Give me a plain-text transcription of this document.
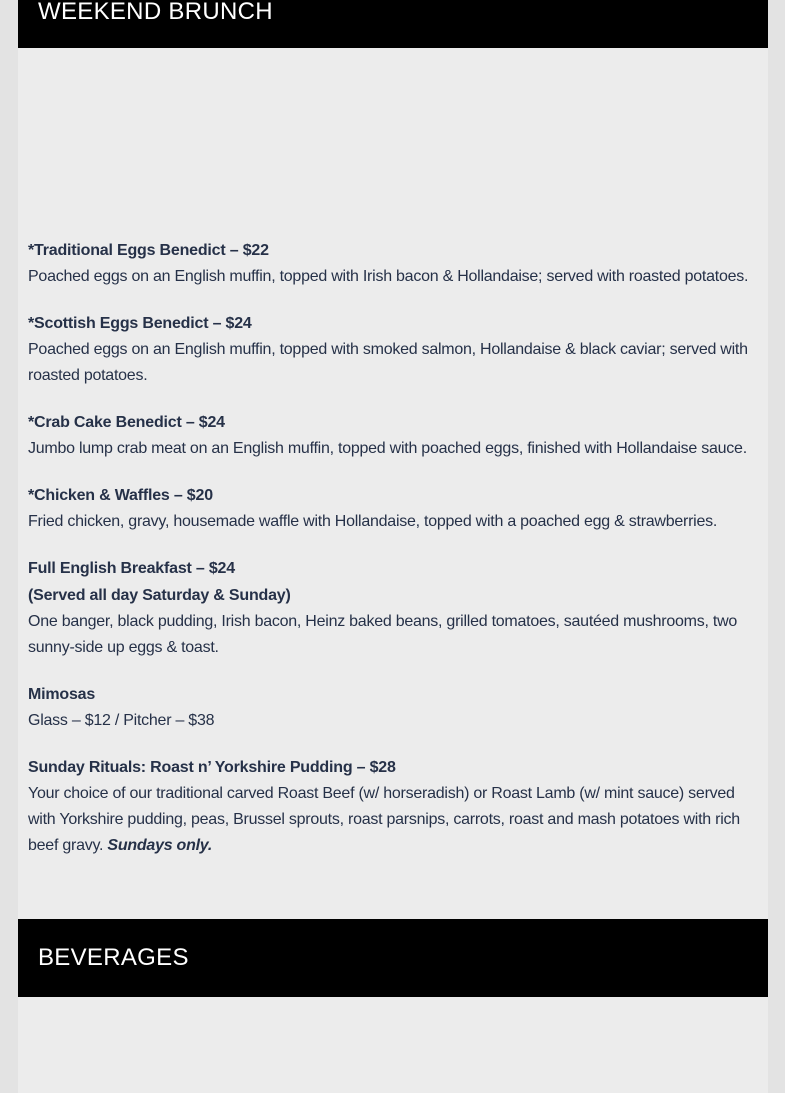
WEEKEND BRUNCH

*Traditional Eggs Benedict – $22

Poached eggs on an English muffin, topped with Irish bacon & Hollandaise; served with roasted potatoes.

*Scottish Eggs Benedict – $24

Poached eggs on an English muffin, topped with smoked salmon, Hollandaise & black caviar; served with roasted potatoes.

*Crab Cake Benedict – $24

Jumbo lump crab meat on an English muffin, topped with poached eggs, finished with Hollandaise sauce.

*Chicken & Waffles – $20

Fried chicken, gravy, housemade waffle with Hollandaise, topped with a poached egg & strawberries.

Full English Breakfast – $24

(Served all day Saturday & Sunday)

One banger, black pudding, Irish bacon, Heinz baked beans, grilled tomatoes, sautéed mushrooms, two sunny-side up eggs & toast.

Mimosas

Glass – $12 / Pitcher – $38

Sunday Rituals: Roast n’ Yorkshire Pudding – $28

Your choice of our traditional carved Roast Beef (w/ horseradish) or Roast Lamb (w/ mint sauce) served with Yorkshire pudding, peas, Brussel sprouts, roast parsnips, carrots, roast and mash potatoes with rich beef gravy. Sundays only.

BEVERAGES
